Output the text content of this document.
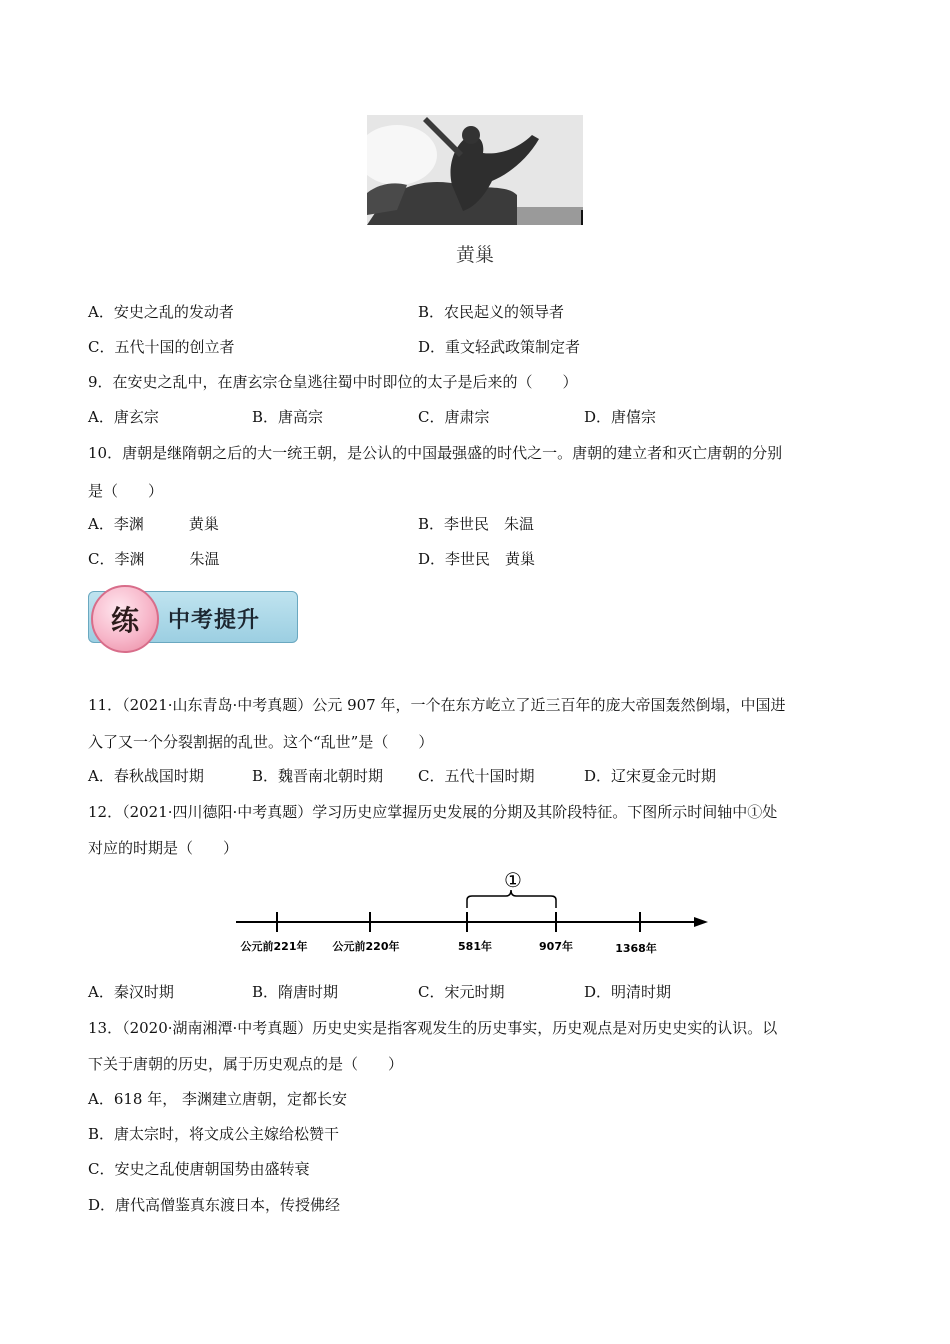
黄巢
A．安史之乱的发动者	B．农民起义的领导者
C．五代十国的创立者	D．重文轻武政策制定者
9．在安史之乱中，在唐玄宗仓皇逃往蜀中时即位的太子是后来的（　　）
A．唐玄宗	B．唐高宗	C．唐肃宗	D．唐僖宗
10．唐朝是继隋朝之后的大一统王朝，是公认的中国最强盛的时代之一。唐朝的建立者和灭亡唐朝的分别
是（　　）
A．李渊　　　黄巢	B．李世民　朱温
C．李渊　　　朱温	D．李世民　黄巢
练	中考提升
11．（2021·山东青岛·中考真题）公元 907 年，一个在东方屹立了近三百年的庞大帝国轰然倒塌，中国进
入了又一个分裂割据的乱世。这个“乱世”是（　　）
A．春秋战国时期	B．魏晋南北朝时期 C．五代十国时期	D．辽宋夏金元时期
12．（2021·四川德阳·中考真题）学习历史应掌握历史发展的分期及其阶段特征。下图所示时间轴中①处
对应的时期是（　　）
①
公元前221年 公元前220年	581年	907年	1368年
A．秦汉时期	B．隋唐时期	C．宋元时期	D．明清时期
13．（2020·湖南湘潭·中考真题）历史史实是指客观发生的历史事实，历史观点是对历史史实的认识。以
下关于唐朝的历史，属于历史观点的是（　　）
A．618 年， 李渊建立唐朝，定都长安
B．唐太宗时，将文成公主嫁给松赞干
C．安史之乱使唐朝国势由盛转衰
D．唐代高僧鉴真东渡日本，传授佛经
